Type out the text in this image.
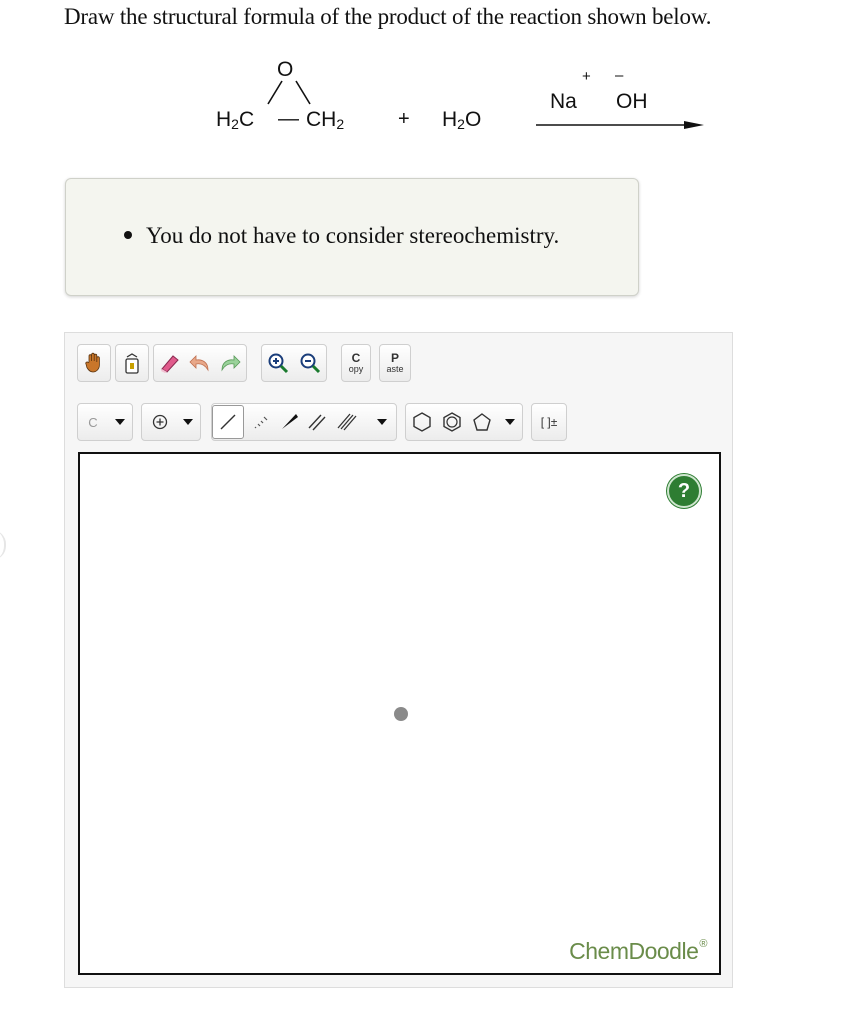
Draw the structural formula of the product of the reaction shown below.
O
$H_2C$ — $CH_2$	+ $H_2O$
+ –
Na OH
You do not have to consider stereochemistry.
C
opy
P
aste
C	[ ]±
?
ChemDoodle®
